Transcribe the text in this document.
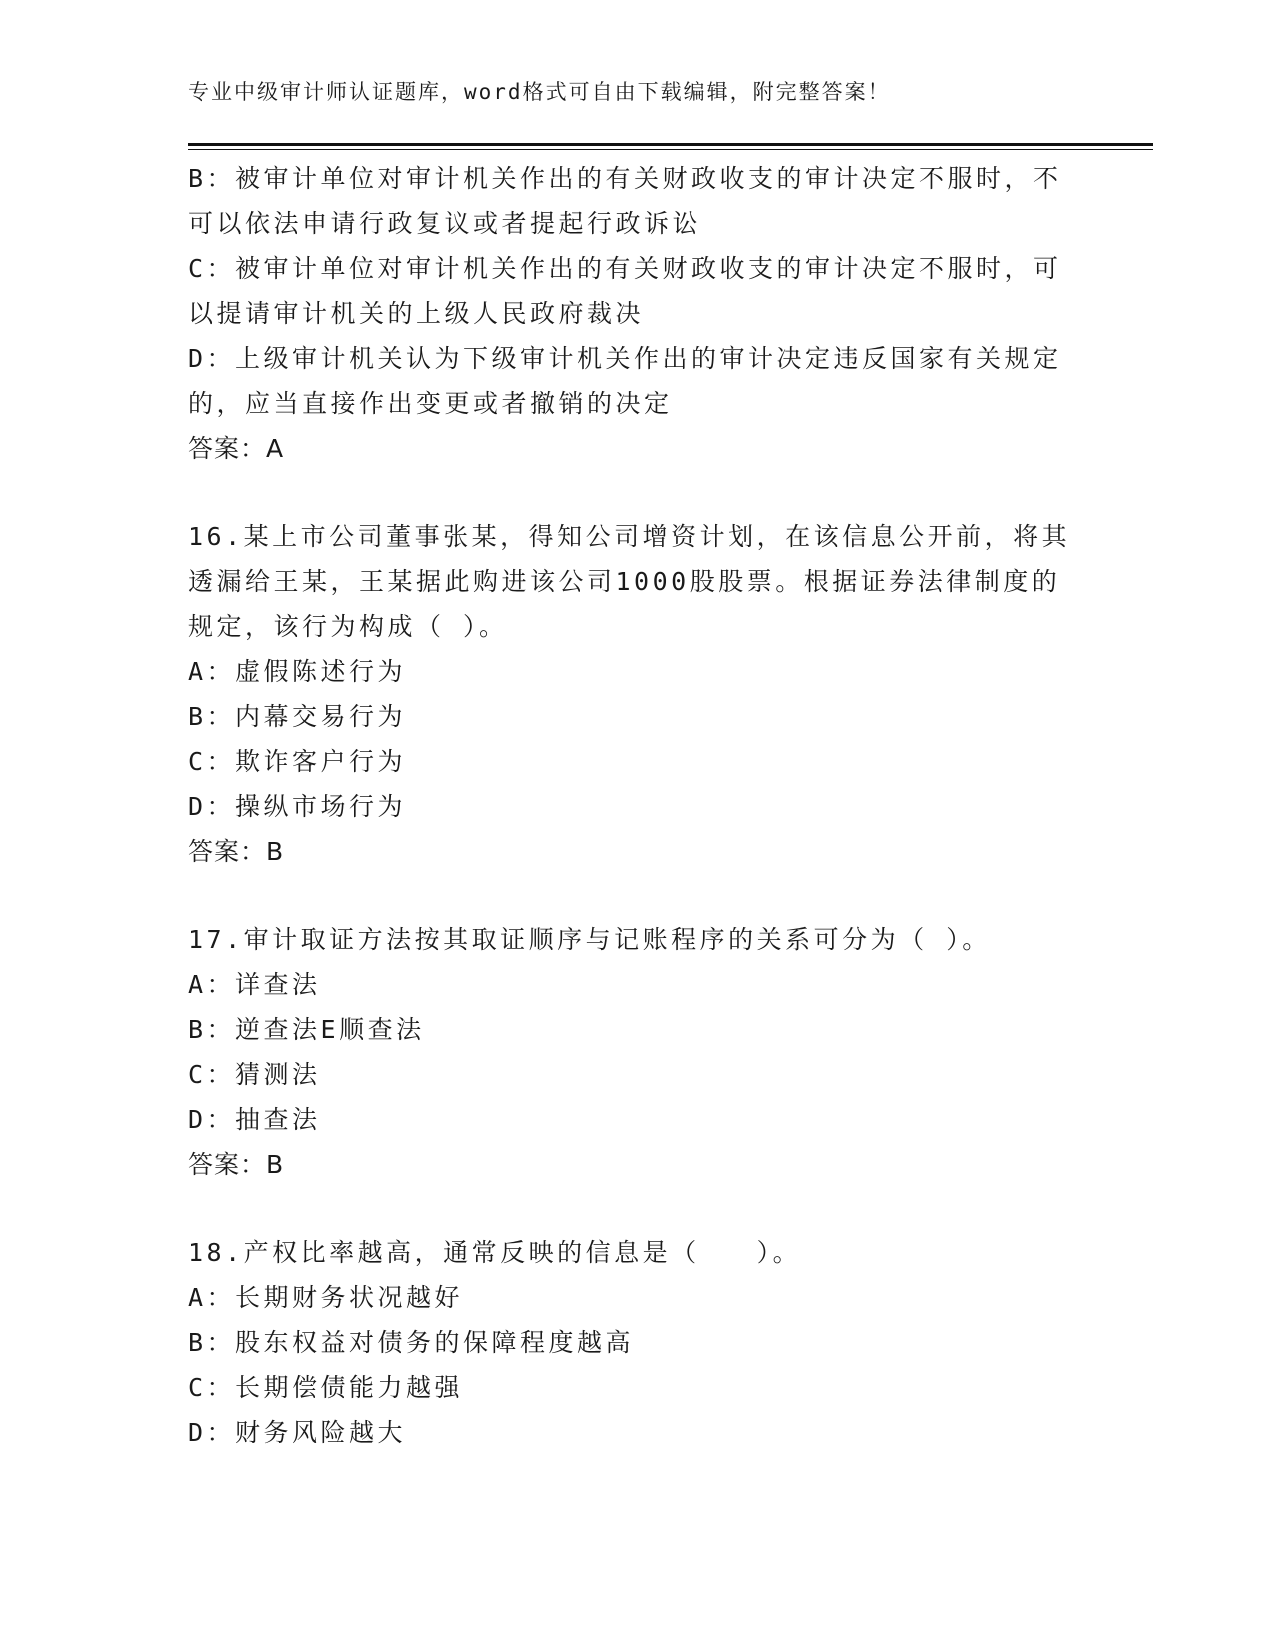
专业中级审计师认证题库，word格式可自由下载编辑，附完整答案！
B：被审计单位对审计机关作出的有关财政收支的审计决定不服时，不
可以依法申请行政复议或者提起行政诉讼
C：被审计单位对审计机关作出的有关财政收支的审计决定不服时，可
以提请审计机关的上级人民政府裁决
D：上级审计机关认为下级审计机关作出的审计决定违反国家有关规定
的，应当直接作出变更或者撤销的决定
答案：A
16.某上市公司董事张某，得知公司增资计划，在该信息公开前，将其
透漏给王某，王某据此购进该公司1000股股票。根据证券法律制度的
规定，该行为构成（ ）。
A：虚假陈述行为
B：内幕交易行为
C：欺诈客户行为
D：操纵市场行为
答案：B
17.审计取证方法按其取证顺序与记账程序的关系可分为（ ）。
A：详查法
B：逆查法E顺查法
C：猜测法
D：抽查法
答案：B
18.产权比率越高，通常反映的信息是（　　）。
A：长期财务状况越好
B：股东权益对债务的保障程度越高
C：长期偿债能力越强
D：财务风险越大
